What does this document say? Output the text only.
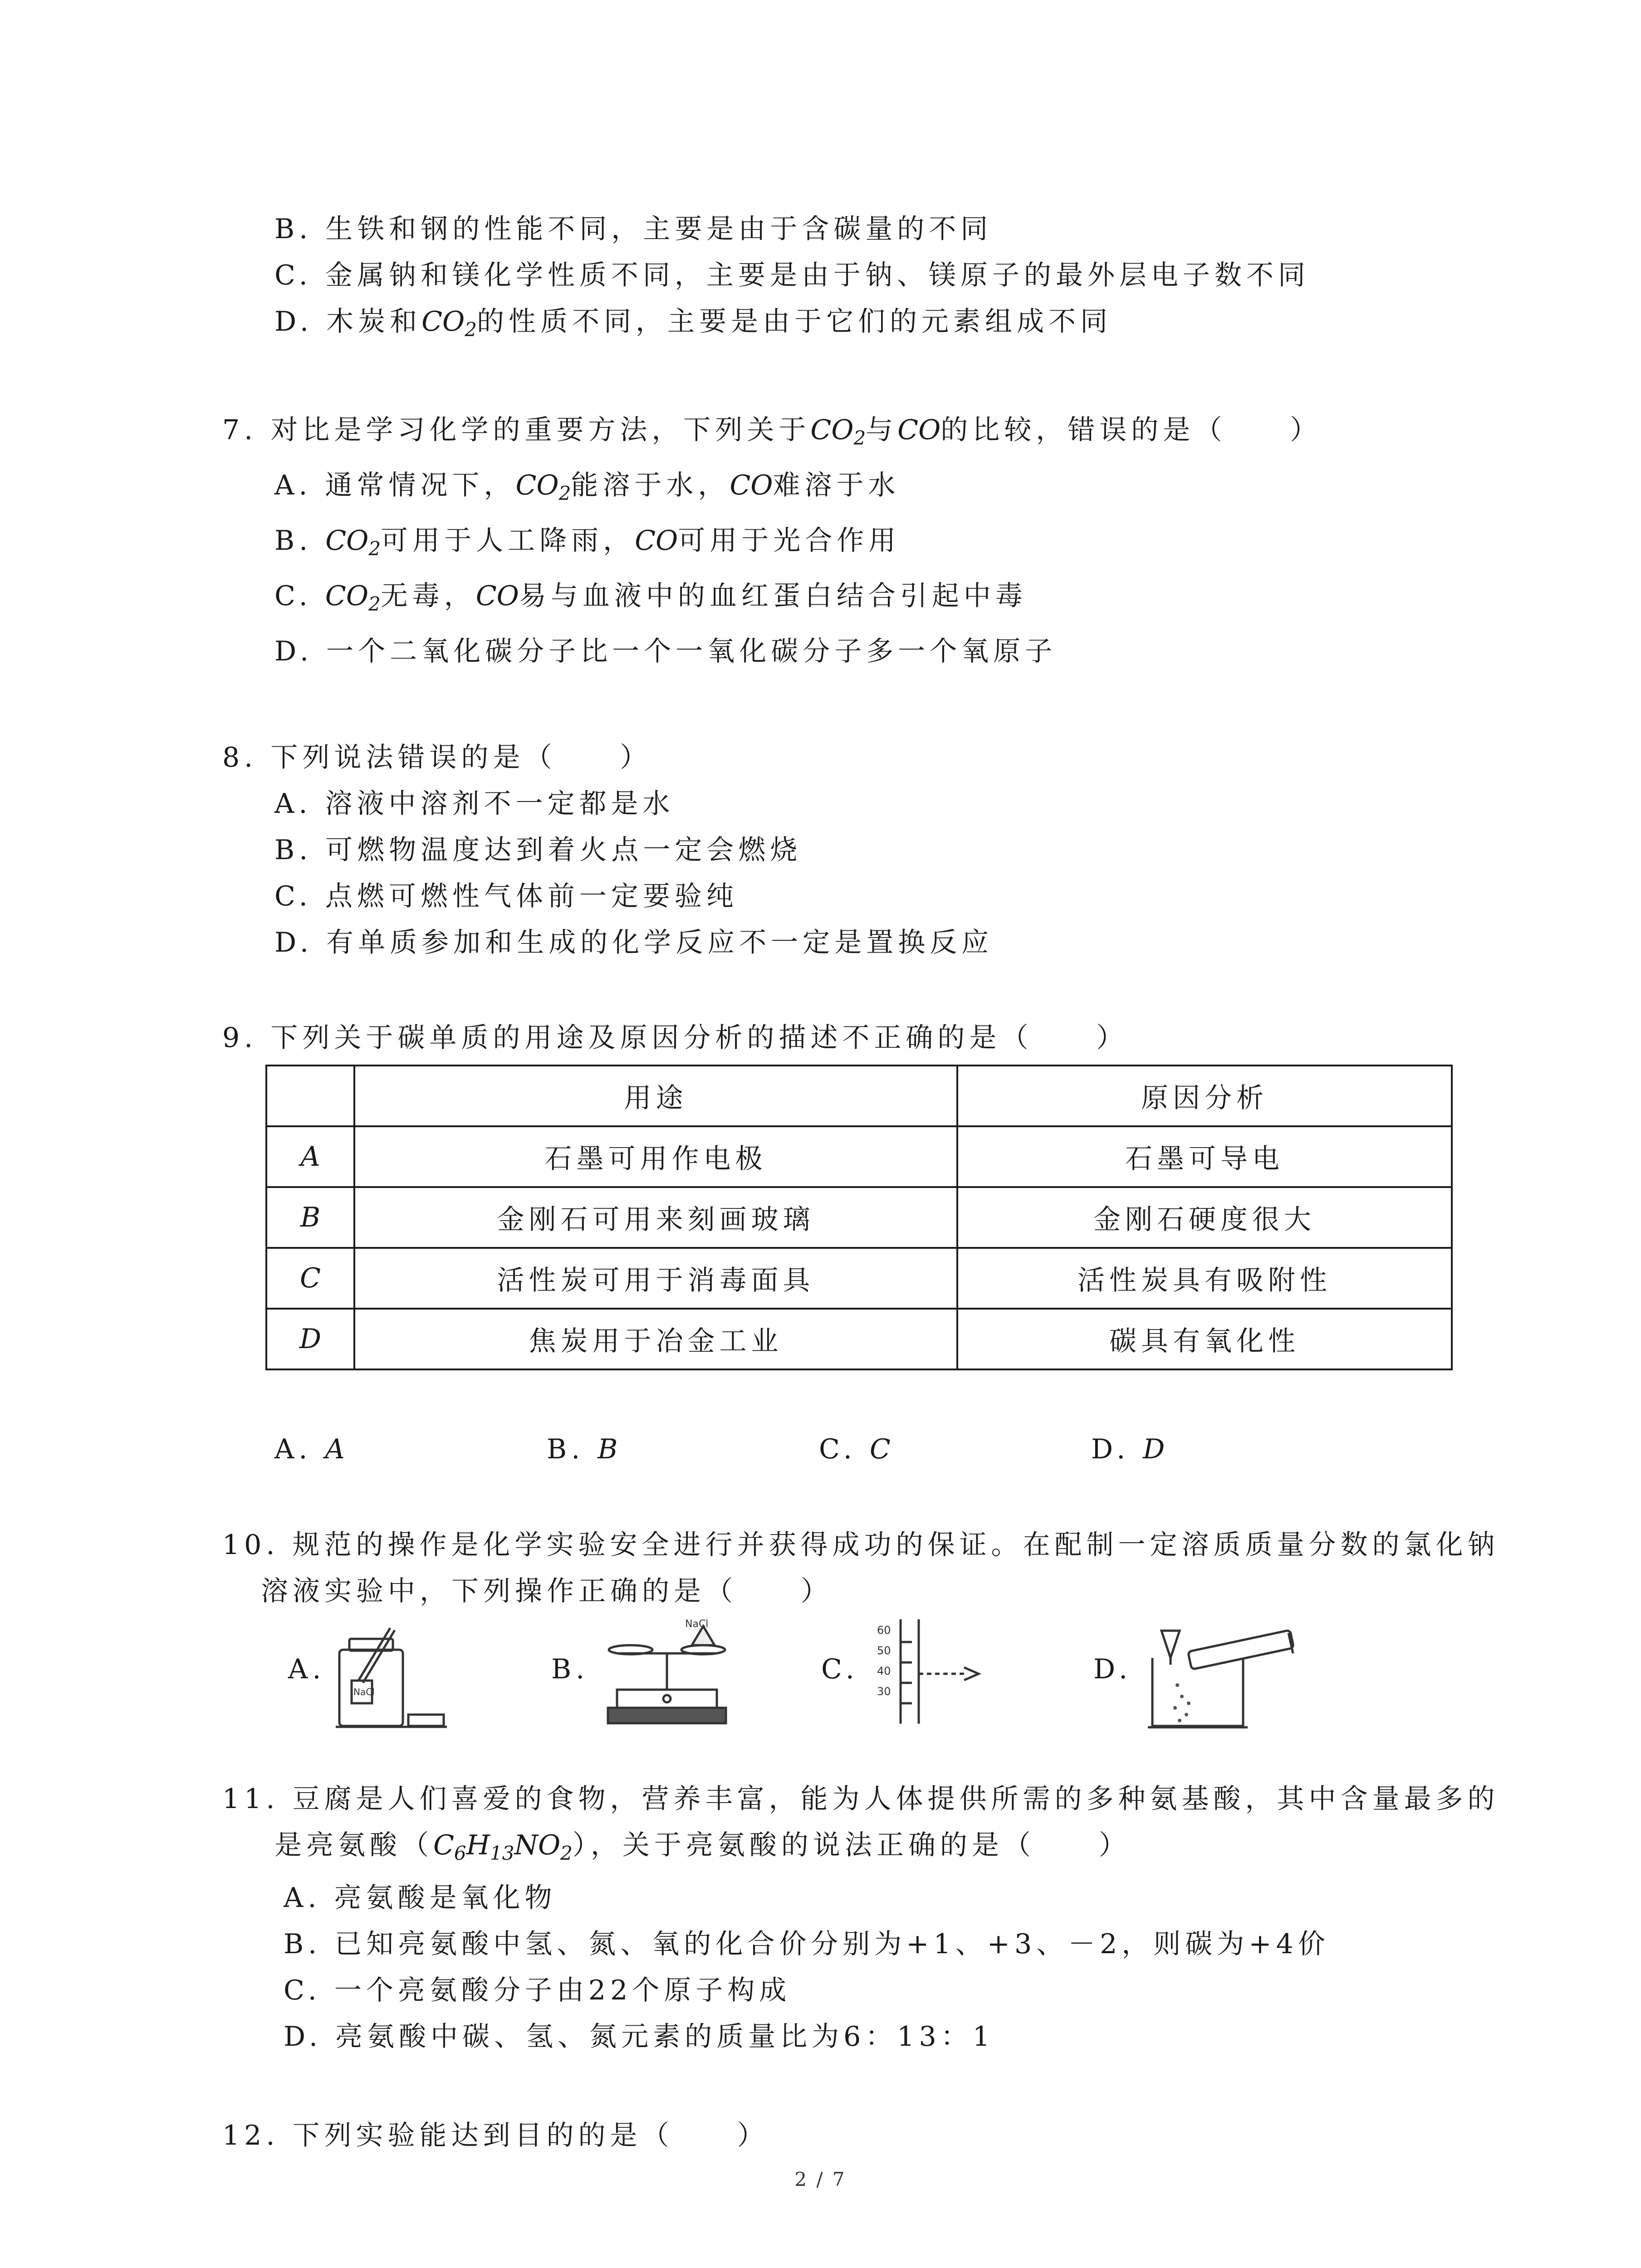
B. 生铁和钢的性能不同，主要是由于含碳量的不同
C. 金属钠和镁化学性质不同，主要是由于钠、镁原子的最外层电子数不同
D. 木炭和$CO_2$的性质不同，主要是由于它们的元素组成不同
7. 对比是学习化学的重要方法，下列关于$CO_2$与CO的比较，错误的是（　　）
A. 通常情况下，$CO_2$能溶于水，CO难溶于水
B. $CO_2$可用于人工降雨，CO可用于光合作用
C. $CO_2$无毒，CO易与血液中的血红蛋白结合引起中毒
D. 一个二氧化碳分子比一个一氧化碳分子多一个氧原子
8. 下列说法错误的是（　　）
A. 溶液中溶剂不一定都是水
B. 可燃物温度达到着火点一定会燃烧
C. 点燃可燃性气体前一定要验纯
D. 有单质参加和生成的化学反应不一定是置换反应
9. 下列关于碳单质的用途及原因分析的描述不正确的是（　　）
	用途	原因分析
A	石墨可用作电极	石墨可导电
B	金刚石可用来刻画玻璃	金刚石硬度很大
C	活性炭可用于消毒面具	活性炭具有吸附性
D	焦炭用于冶金工业	碳具有氧化性
A. A	B. B	C. C	D. D
10. 规范的操作是化学实验安全进行并获得成功的保证。在配制一定溶质质量分数的氯化钠
溶液实验中，下列操作正确的是（　　）
A.
NaCl
B.
NaCl
C.
60
50
40
30
D.
11. 豆腐是人们喜爱的食物，营养丰富，能为人体提供所需的多种氨基酸，其中含量最多的
是亮氨酸$(C_6H_{13}NO_2)$，关于亮氨酸的说法正确的是（　　）
A. 亮氨酸是氧化物
B. 已知亮氨酸中氢、氮、氧的化合价分别为+1、+3、－2，则碳为+4价
C. 一个亮氨酸分子由22个原子构成
D. 亮氨酸中碳、氢、氮元素的质量比为6：13：1
12. 下列实验能达到目的的是（　　）
2 / 7
